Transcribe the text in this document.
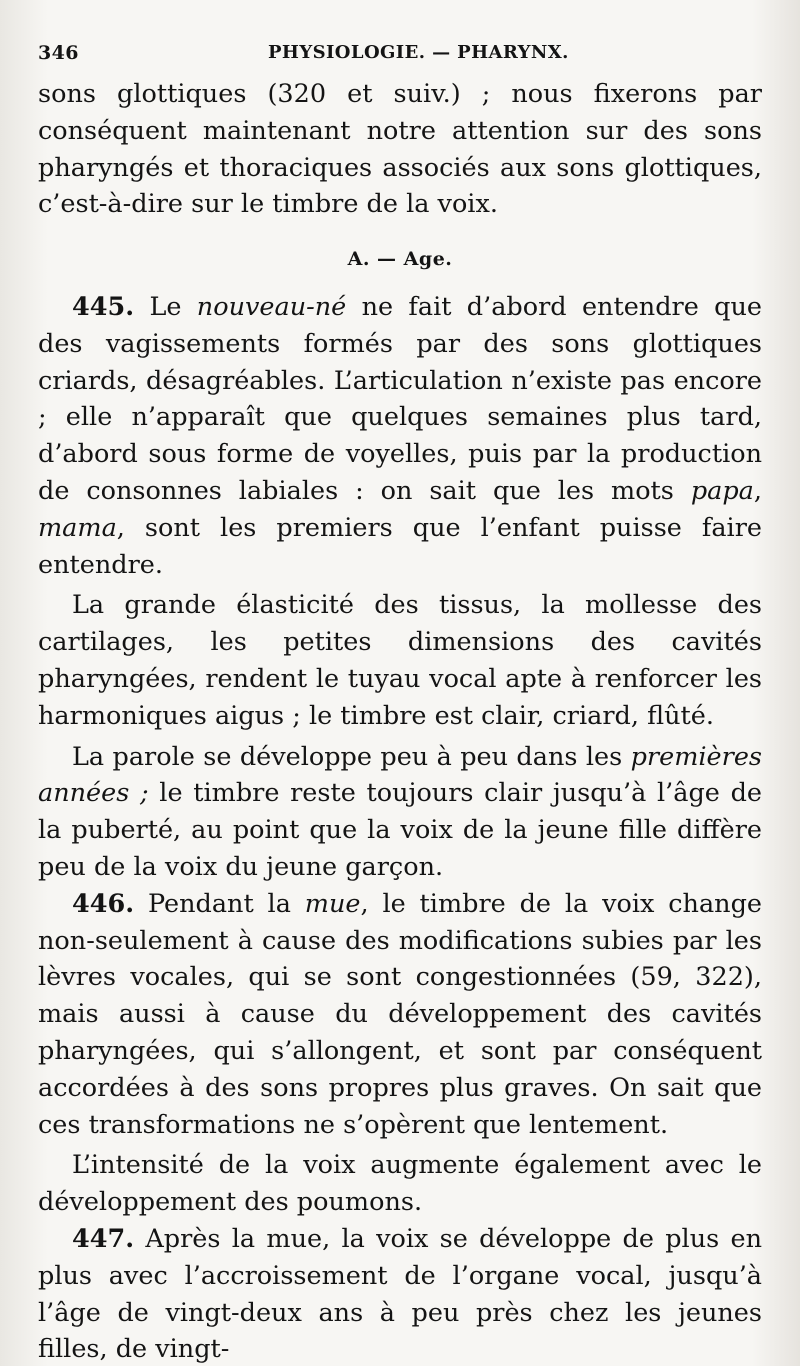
346	PHYSIOLOGIE. — PHARYNX.

sons glottiques (320 et suiv.) ; nous fixerons par conséquent maintenant notre attention sur des sons pharyngés et thoraciques associés aux sons glottiques, c’est-à-dire sur le timbre de la voix.

A. — Age.

445. Le nouveau-né ne fait d’abord entendre que des vagissements formés par des sons glottiques criards, désagréables. L’articulation n’existe pas encore ; elle n’apparaît que quelques semaines plus tard, d’abord sous forme de voyelles, puis par la production de consonnes labiales : on sait que les mots papa, mama, sont les premiers que l’enfant puisse faire entendre.

La grande élasticité des tissus, la mollesse des cartilages, les petites dimensions des cavités pharyngées, rendent le tuyau vocal apte à renforcer les harmoniques aigus ; le timbre est clair, criard, flûté.

La parole se développe peu à peu dans les premières années ; le timbre reste toujours clair jusqu’à l’âge de la puberté, au point que la voix de la jeune fille diffère peu de la voix du jeune garçon.

446. Pendant la mue, le timbre de la voix change non-seulement à cause des modifications subies par les lèvres vocales, qui se sont congestionnées (59, 322), mais aussi à cause du développement des cavités pharyngées, qui s’allongent, et sont par conséquent accordées à des sons propres plus graves. On sait que ces transformations ne s’opèrent que lentement.

L’intensité de la voix augmente également avec le développement des poumons.

447. Après la mue, la voix se développe de plus en plus avec l’accroissement de l’organe vocal, jusqu’à l’âge de vingt-deux ans à peu près chez les jeunes filles, de vingt-
